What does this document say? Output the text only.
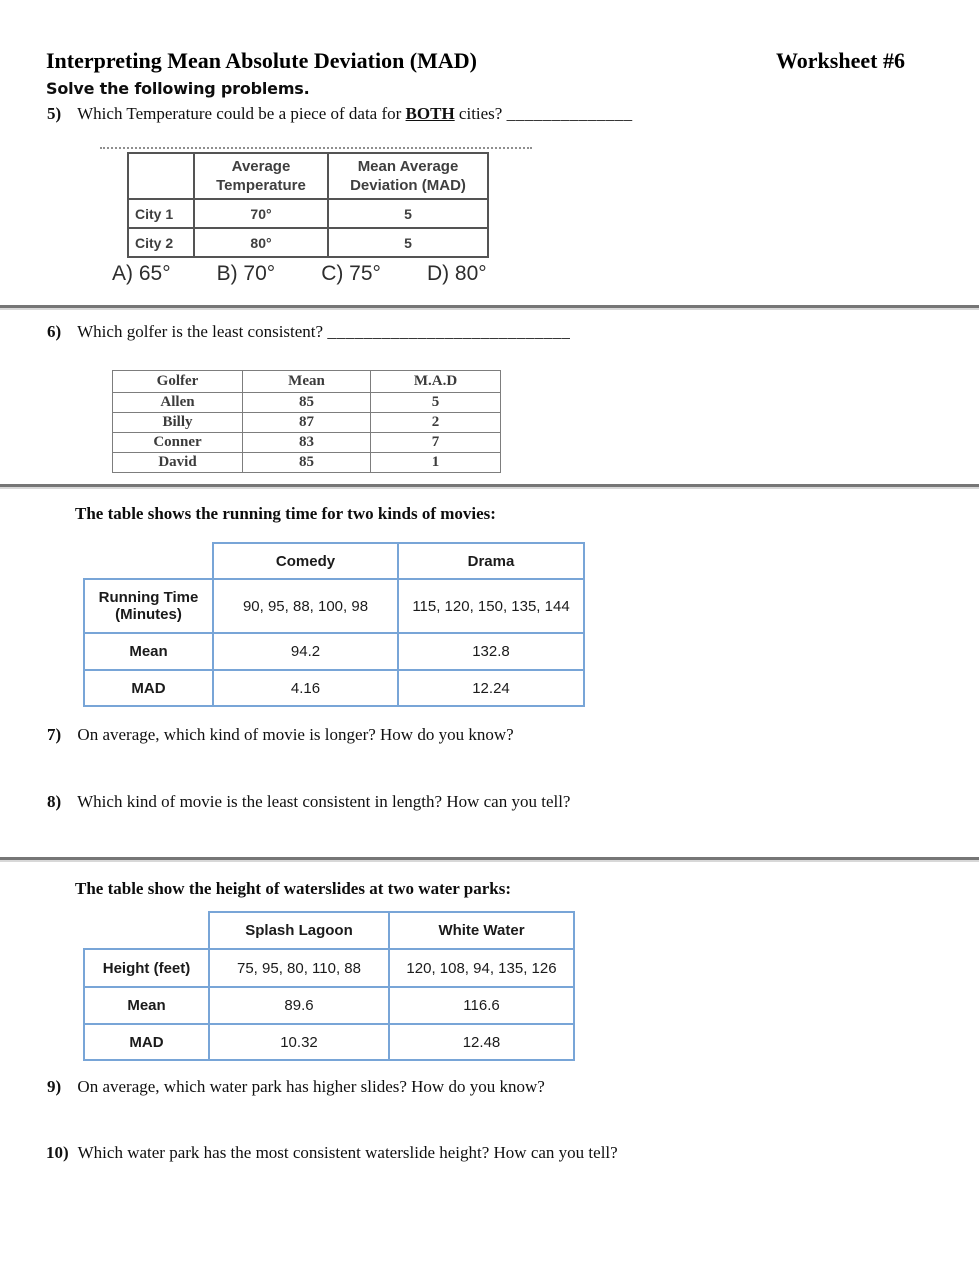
Interpreting Mean Absolute Deviation (MAD)	Worksheet #6
Solve the following problems.
5) Which Temperature could be a piece of data for BOTH cities? ______________
	Average Temperature	Mean Average Deviation (MAD)
City 1	70°	5
City 2	80°	5
A) 65° B) 70° C) 75° D) 80°
6) Which golfer is the least consistent? ___________________________
Golfer	Mean	M.A.D
Allen	85	5
Billy	87	2
Conner	83	7
David	85	1
The table shows the running time for two kinds of movies:
	Comedy	Drama
Running Time (Minutes)	90, 95, 88, 100, 98	115, 120, 150, 135, 144
Mean	94.2	132.8
MAD	4.16	12.24
7) On average, which kind of movie is longer? How do you know?
8) Which kind of movie is the least consistent in length? How can you tell?
The table show the height of waterslides at two water parks:
	Splash Lagoon	White Water
Height (feet)	75, 95, 80, 110, 88	120, 108, 94, 135, 126
Mean	89.6	116.6
MAD	10.32	12.48
9) On average, which water park has higher slides? How do you know?
10) Which water park has the most consistent waterslide height? How can you tell?
